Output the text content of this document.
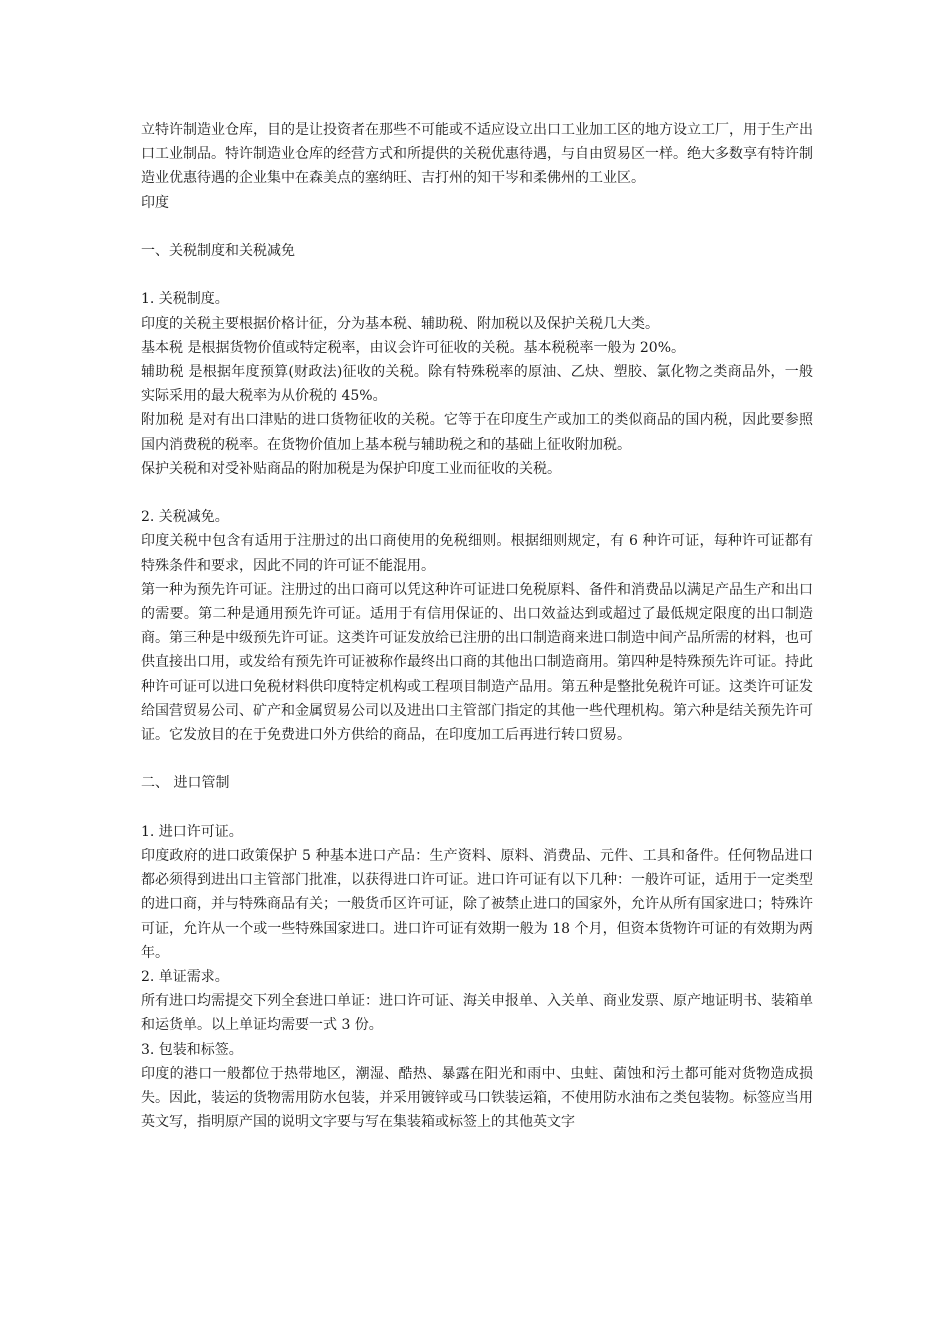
立特许制造业仓库，目的是让投资者在那些不可能或不适应设立出口工业加工区的地方设立工厂，用于生产出口工业制品。特许制造业仓库的经营方式和所提供的关税优惠待遇，与自由贸易区一样。绝大多数享有特许制造业优惠待遇的企业集中在森美点的塞纳旺、吉打州的知干岑和柔佛州的工业区。

印度

一、关税制度和关税减免

1. 关税制度。

印度的关税主要根据价格计征，分为基本税、辅助税、附加税以及保护关税几大类。

基本税 是根据货物价值或特定税率，由议会许可征收的关税。基本税税率一般为 20%。

辅助税 是根据年度预算(财政法)征收的关税。除有特殊税率的原油、乙炔、塑胶、氯化物之类商品外，一般实际采用的最大税率为从价税的 45%。

附加税 是对有出口津贴的进口货物征收的关税。它等于在印度生产或加工的类似商品的国内税，因此要参照国内消费税的税率。在货物价值加上基本税与辅助税之和的基础上征收附加税。

保护关税和对受补贴商品的附加税是为保护印度工业而征收的关税。

2. 关税减免。

印度关税中包含有适用于注册过的出口商使用的免税细则。根据细则规定，有 6 种许可证，每种许可证都有特殊条件和要求，因此不同的许可证不能混用。

第一种为预先许可证。注册过的出口商可以凭这种许可证进口免税原料、备件和消费品以满足产品生产和出口的需要。第二种是通用预先许可证。适用于有信用保证的、出口效益达到或超过了最低规定限度的出口制造商。第三种是中级预先许可证。这类许可证发放给已注册的出口制造商来进口制造中间产品所需的材料，也可供直接出口用，或发给有预先许可证被称作最终出口商的其他出口制造商用。第四种是特殊预先许可证。持此种许可证可以进口免税材料供印度特定机构或工程项目制造产品用。第五种是整批免税许可证。这类许可证发给国营贸易公司、矿产和金属贸易公司以及进出口主管部门指定的其他一些代理机构。第六种是结关预先许可证。它发放目的在于免费进口外方供给的商品，在印度加工后再进行转口贸易。

二、 进口管制

1. 进口许可证。

印度政府的进口政策保护 5 种基本进口产品：生产资料、原料、消费品、元件、工具和备件。任何物品进口都必须得到进出口主管部门批准，以获得进口许可证。进口许可证有以下几种：一般许可证，适用于一定类型的进口商，并与特殊商品有关；一般货币区许可证，除了被禁止进口的国家外，允许从所有国家进口；特殊许可证，允许从一个或一些特殊国家进口。进口许可证有效期一般为 18 个月，但资本货物许可证的有效期为两年。

2. 单证需求。

所有进口均需提交下列全套进口单证：进口许可证、海关申报单、入关单、商业发票、原产地证明书、装箱单和运货单。以上单证均需要一式 3 份。

3. 包装和标签。

印度的港口一般都位于热带地区，潮湿、酷热、暴露在阳光和雨中、虫蛀、菌蚀和污土都可能对货物造成损失。因此，装运的货物需用防水包装，并采用镀锌或马口铁装运箱，不使用防水油布之类包装物。标签应当用英文写，指明原产国的说明文字要与写在集装箱或标签上的其他英文字
